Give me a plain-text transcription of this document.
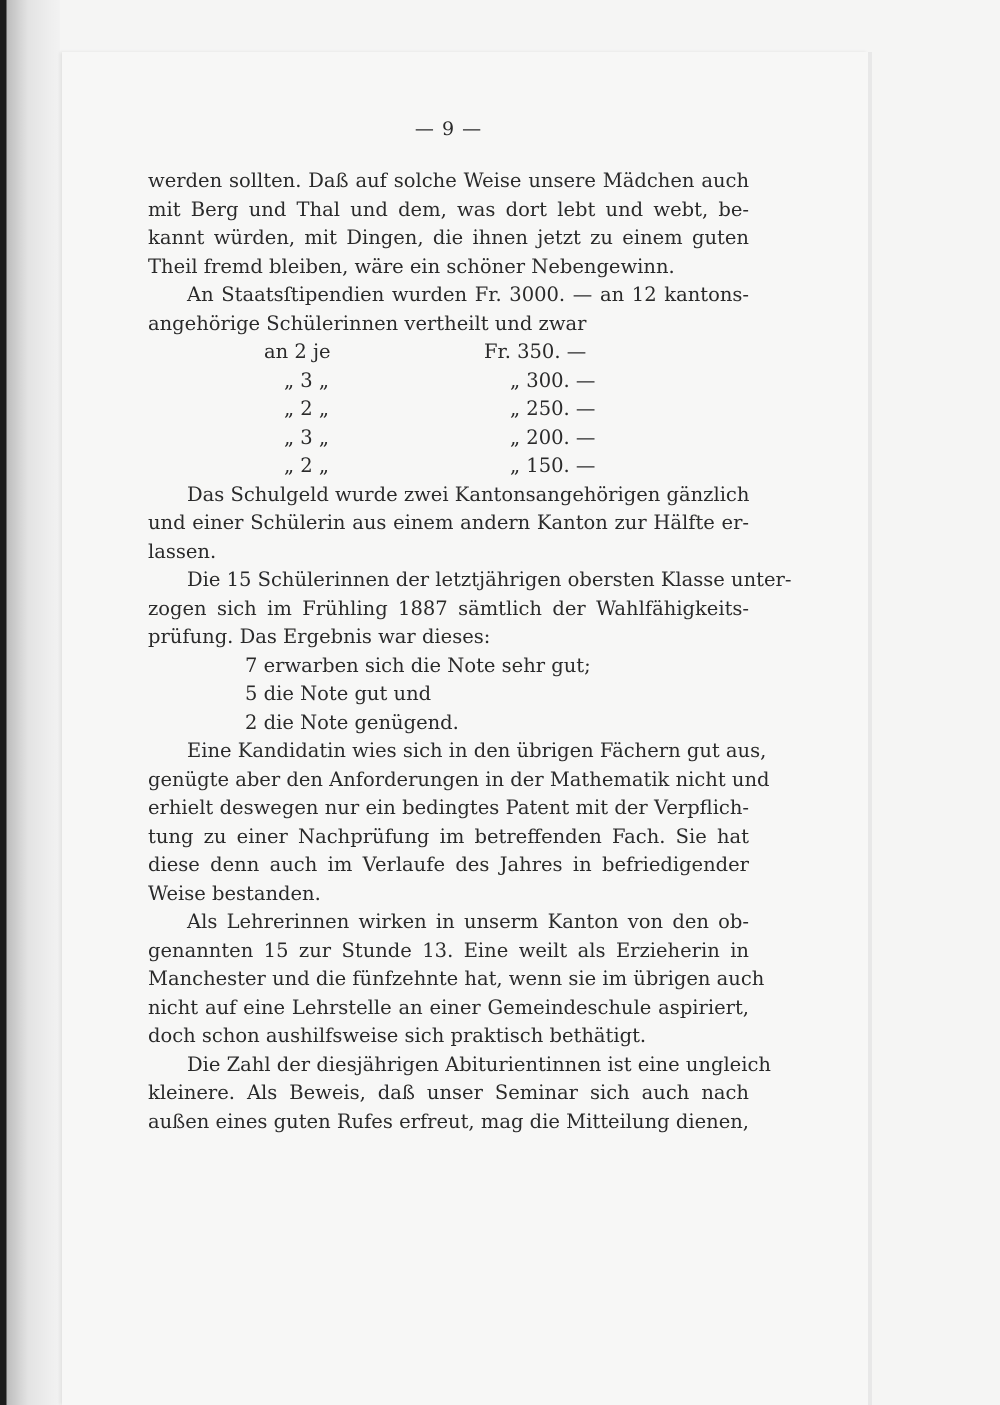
— 9 —
werden sollten. Daß auf solche Weise unsere Mädchen auch
mit Berg und Thal und dem, was dort lebt und webt, be-
kannt würden, mit Dingen, die ihnen jetzt zu einem guten
Theil fremd bleiben, wäre ein schöner Nebengewinn.
An Staatsſtipendien wurden Fr. 3000. — an 12 kantons-
angehörige Schülerinnen vertheilt und zwar
an 2 je	Fr. 350. —
„ 3 „	„ 300. —
„ 2 „	„ 250. —
„ 3 „	„ 200. —
„ 2 „	„ 150. —
Das Schulgeld wurde zwei Kantonsangehörigen gänzlich
und einer Schülerin aus einem andern Kanton zur Hälfte er-
lassen.
Die 15 Schülerinnen der letztjährigen obersten Klasse unter-
zogen sich im Frühling 1887 sämtlich der Wahlfähigkeits-
prüfung. Das Ergebnis war dieses:
7 erwarben sich die Note sehr gut;
5 die Note gut und
2 die Note genügend.
Eine Kandidatin wies sich in den übrigen Fächern gut aus,
genügte aber den Anforderungen in der Mathematik nicht und
erhielt deswegen nur ein bedingtes Patent mit der Verpflich-
tung zu einer Nachprüfung im betreffenden Fach. Sie hat
diese denn auch im Verlaufe des Jahres in befriedigender
Weise bestanden.
Als Lehrerinnen wirken in unserm Kanton von den ob-
genannten 15 zur Stunde 13. Eine weilt als Erzieherin in
Manchester und die fünfzehnte hat, wenn sie im übrigen auch
nicht auf eine Lehrstelle an einer Gemeindeschule aspiriert,
doch schon aushilfsweise sich praktisch bethätigt.
Die Zahl der diesjährigen Abiturientinnen ist eine ungleich
kleinere. Als Beweis, daß unser Seminar sich auch nach
außen eines guten Rufes erfreut, mag die Mitteilung dienen,
